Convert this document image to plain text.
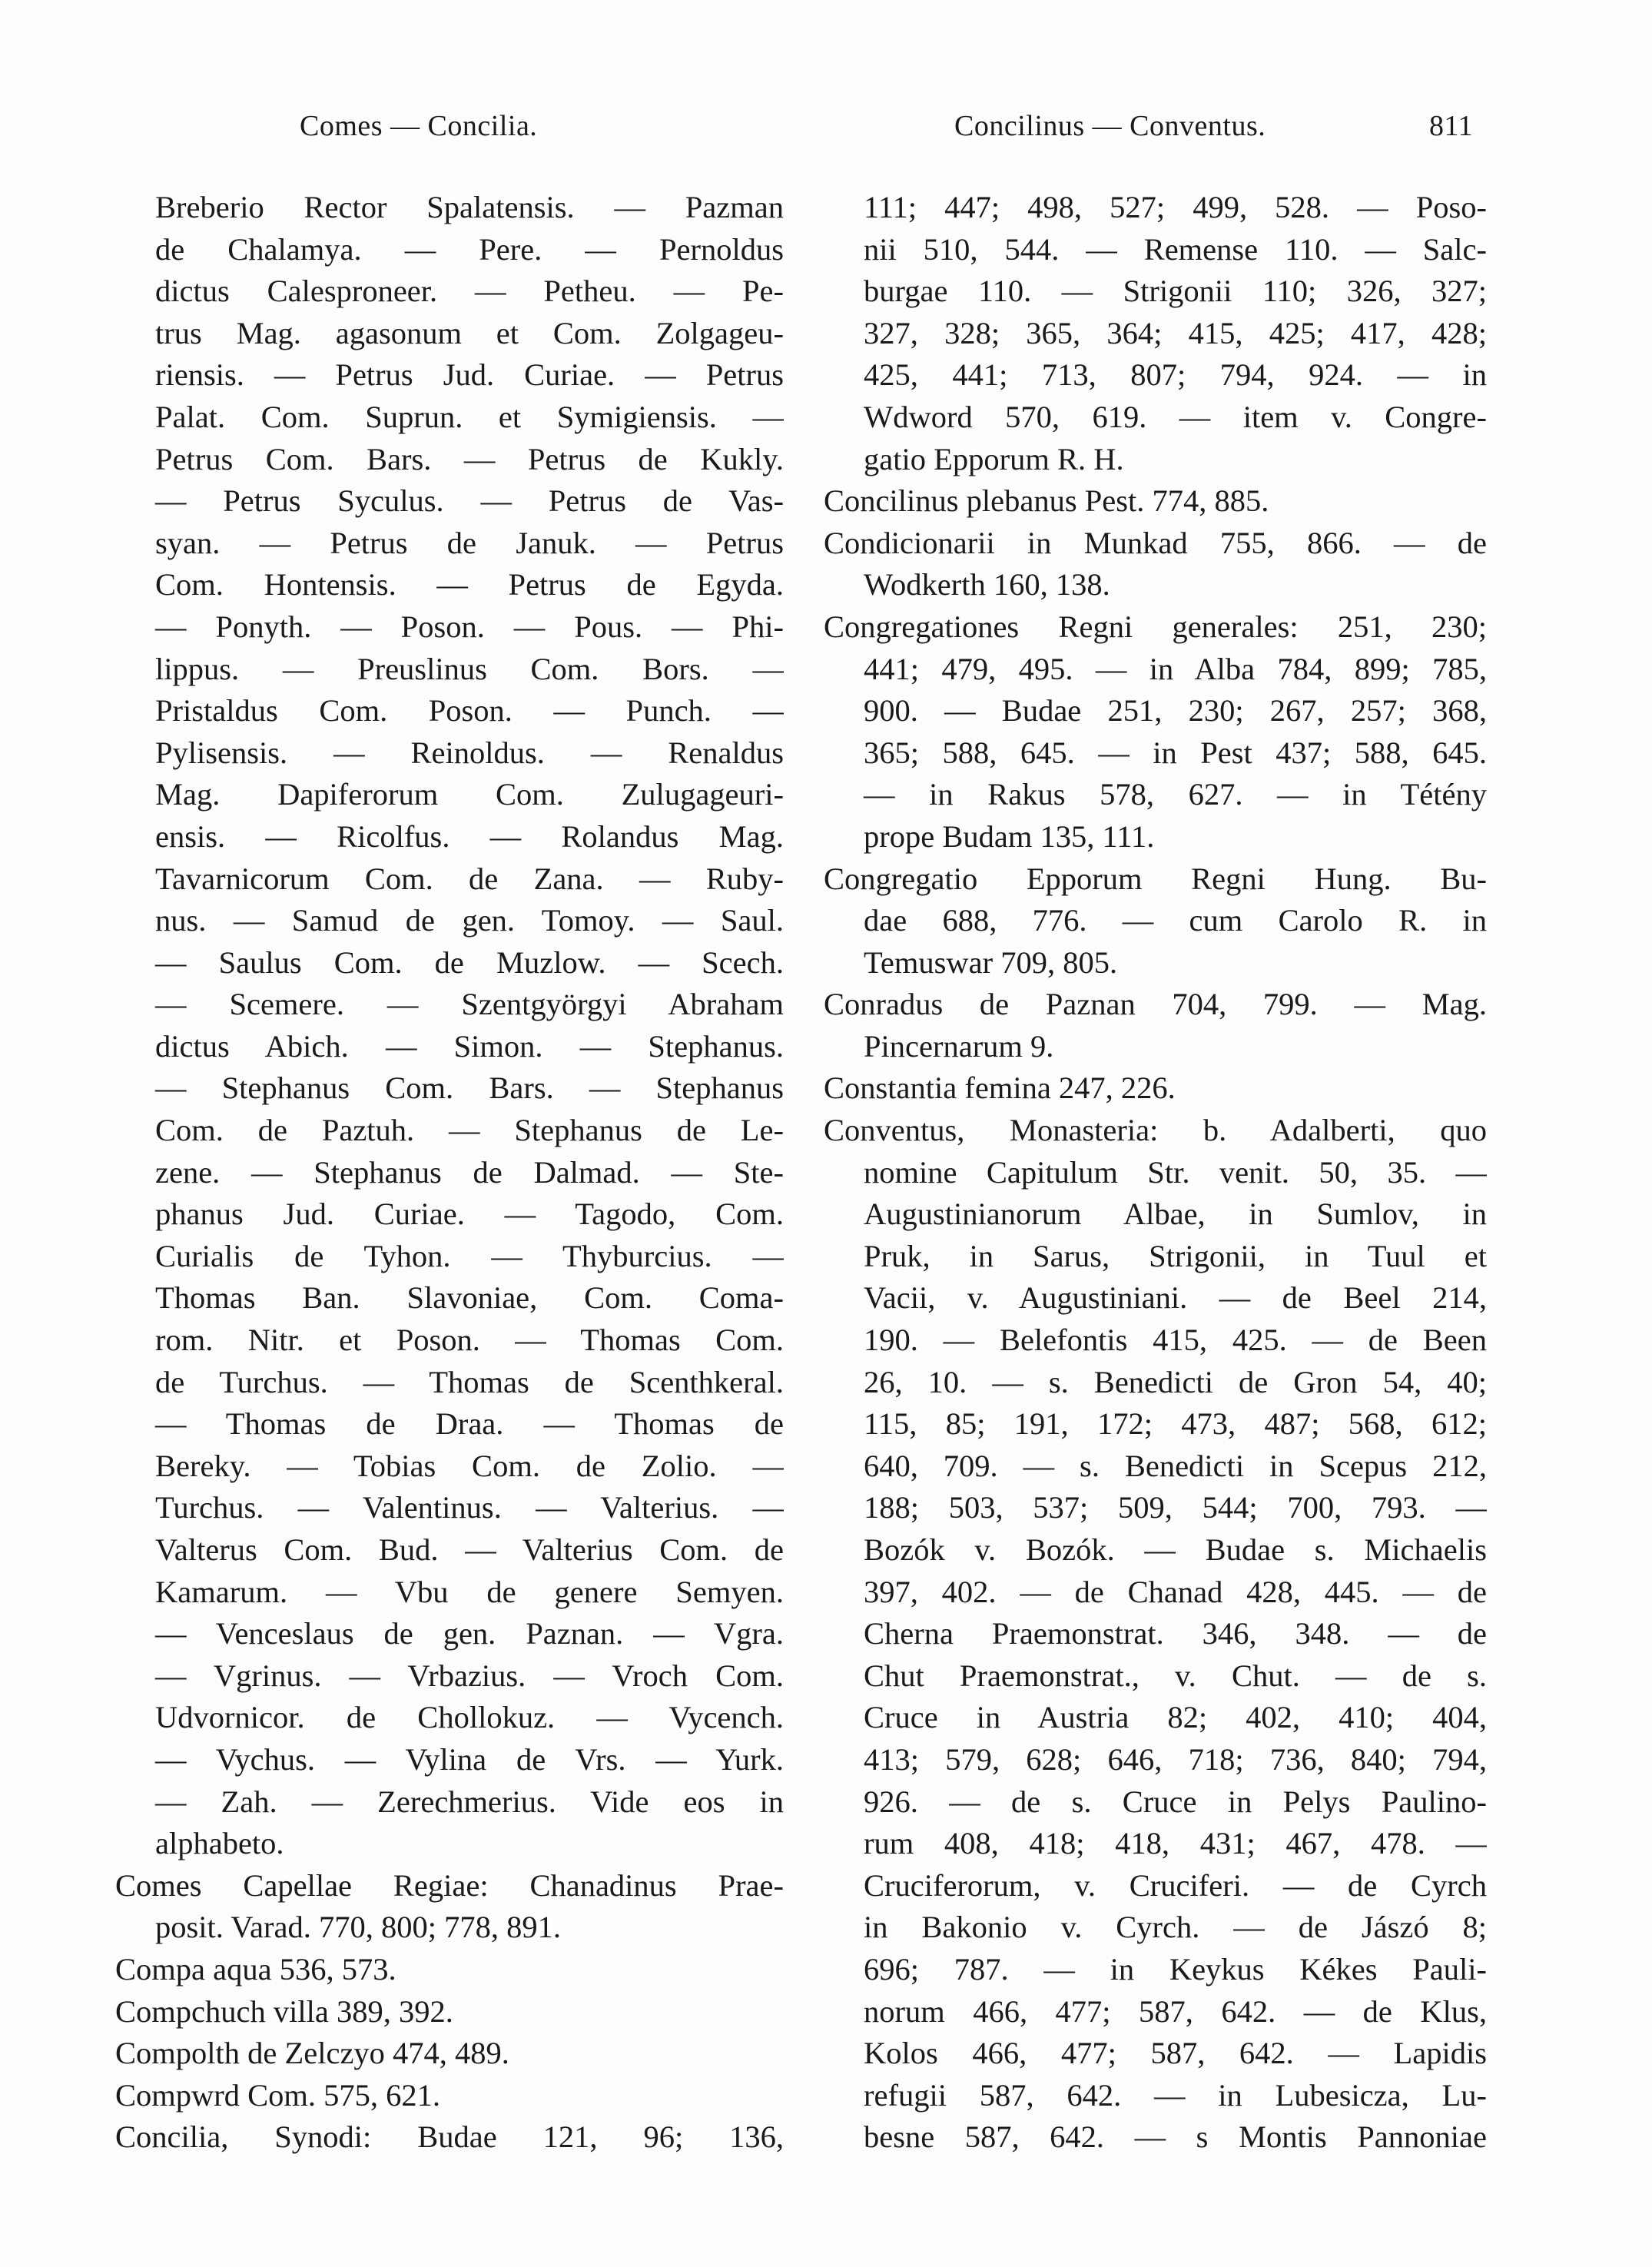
Comes — Concilia.	Concilinus — Conventus.	811
Breberio Rector Spalatensis. — Pazman
de Chalamya. — Pere. — Pernoldus
dictus Calespronеer. — Petheu. — Pe-
trus Mag. agasonum et Com. Zolgageu-
riensis. — Petrus Jud. Curiae. — Petrus
Palat. Com. Suprun. et Symigiensis. —
Petrus Com. Bars. — Petrus de Kukly.
— Petrus Syculus. — Petrus de Vas-
syan. — Petrus de Januk. — Petrus
Com. Hontensis. — Petrus de Egyda.
— Ponyth. — Poson. — Pous. — Phi-
lippus. — Preuslinus Com. Bors. —
Pristaldus Com. Poson. — Punch. —
Pylisensis. — Reinoldus. — Renaldus
Mag. Dapiferorum Com. Zulugageuri-
ensis. — Ricolfus. — Rolandus Mag.
Tavarnicorum Com. de Zana. — Ruby-
nus. — Samud de gen. Tomoy. — Saul.
— Saulus Com. de Muzlow. — Scech.
— Scemere. — Szentgyörgyi Abraham
dictus Abich. — Simon. — Stephanus.
— Stephanus Com. Bars. — Stephanus
Com. de Paztuh. — Stephanus de Le-
zene. — Stephanus de Dalmad. — Ste-
phanus Jud. Curiae. — Tagodo, Com.
Curialis de Tyhon. — Thyburcius. —
Thomas Ban. Slavoniae, Com. Coma-
rom. Nitr. et Poson. — Thomas Com.
de Turchus. — Thomas de Scenthkeral.
— Thomas de Draa. — Thomas de
Bereky. — Tobias Com. de Zolio. —
Turchus. — Valentinus. — Valterius. —
Valterus Com. Bud. — Valterius Com. de
Kamarum. — Vbu de genere Semyen.
— Venceslaus de gen. Paznan. — Vgra.
— Vgrinus. — Vrbazius. — Vroch Com.
Udvornicor. de Chollokuz. — Vycench.
— Vychus. — Vylina de Vrs. — Yurk.
— Zah. — Zerechmerius. Vide eos in
alphabeto.
Comes Capellae Regiae: Chanadinus Prae-
posit. Varad. 770, 800; 778, 891.
Compa aqua 536, 573.
Compchuch villa 389, 392.
Compolth de Zelczyo 474, 489.
Compwrd Com. 575, 621.
Concilia, Synodi: Budae 121, 96; 136,
111; 447; 498, 527; 499, 528. — Poso-
nii 510, 544. — Remense 110. — Salc-
burgae 110. — Strigonii 110; 326, 327;
327, 328; 365, 364; 415, 425; 417, 428;
425, 441; 713, 807; 794, 924. — in
Wdword 570, 619. — item v. Congre-
gatio Epporum R. H.
Concilinus plebanus Pest. 774, 885.
Condicionarii in Munkad 755, 866. — de
Wodkerth 160, 138.
Congregationes Regni generales: 251, 230;
441; 479, 495. — in Alba 784, 899; 785,
900. — Budae 251, 230; 267, 257; 368,
365; 588, 645. — in Pest 437; 588, 645.
— in Rakus 578, 627. — in Tétény
prope Budam 135, 111.
Congregatio Epporum Regni Hung. Bu-
dae 688, 776. — cum Carolo R. in
Temuswar 709, 805.
Conradus de Paznan 704, 799. — Mag.
Pincernarum 9.
Constantia femina 247, 226.
Conventus, Monasteria: b. Adalberti, quo
nomine Capitulum Str. venit. 50, 35. —
Augustinianorum Albae, in Sumlov, in
Pruk, in Sarus, Strigonii, in Tuul et
Vacii, v. Augustiniani. — de Beel 214,
190. — Belefontis 415, 425. — de Been
26, 10. — s. Benedicti de Gron 54, 40;
115, 85; 191, 172; 473, 487; 568, 612;
640, 709. — s. Benedicti in Scepus 212,
188; 503, 537; 509, 544; 700, 793. —
Bozók v. Bozók. — Budae s. Michaelis
397, 402. — de Chanad 428, 445. — de
Cherna Praemonstrat. 346, 348. — de
Chut Praemonstrat., v. Chut. — de s.
Cruce in Austria 82; 402, 410; 404,
413; 579, 628; 646, 718; 736, 840; 794,
926. — de s. Cruce in Pelys Paulino-
rum 408, 418; 418, 431; 467, 478. —
Cruciferorum, v. Cruciferi. — de Cyrch
in Bakonio v. Cyrch. — de Jászó 8;
696; 787. — in Keykus Kékes Pauli-
norum 466, 477; 587, 642. — de Klus,
Kolos 466, 477; 587, 642. — Lapidis
refugii 587, 642. — in Lubesicza, Lu-
besne 587, 642. — s Montis Pannoniae
